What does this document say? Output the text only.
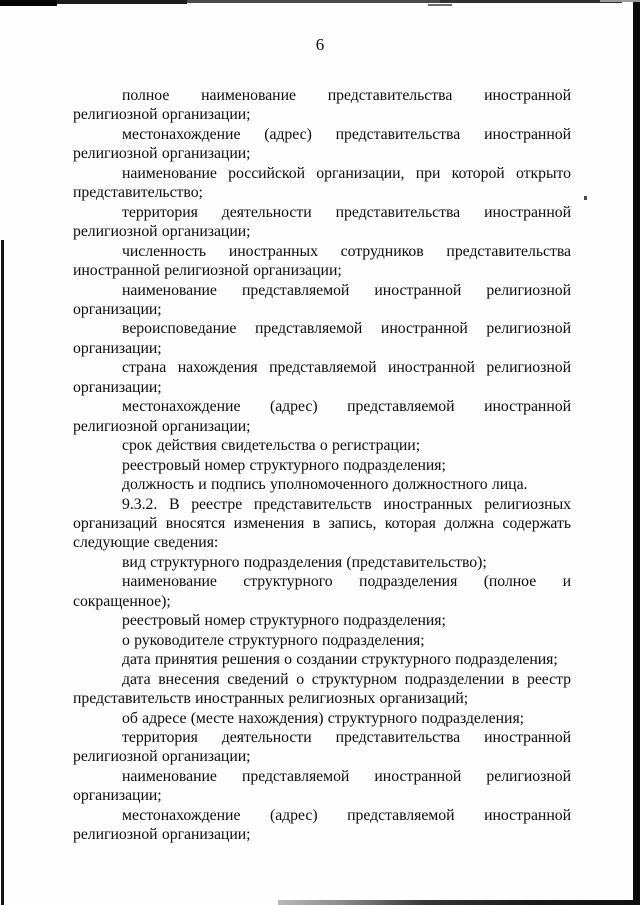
6

полное наименование представительства иностранной религиозной организации;

местонахождение (адрес) представительства иностранной религиозной организации;

наименование российской организации, при которой открыто представительство;

территория деятельности представительства иностранной религиозной организации;

численность иностранных сотрудников представительства иностранной религиозной организации;

наименование представляемой иностранной религиозной организации;

вероисповедание представляемой иностранной религиозной организации;

страна нахождения представляемой иностранной религиозной организации;

местонахождение (адрес) представляемой иностранной религиозной организации;

срок действия свидетельства о регистрации;

реестровый номер структурного подразделения;

должность и подпись уполномоченного должностного лица.

9.3.2. В реестре представительств иностранных религиозных организаций вносятся изменения в запись, которая должна содержать следующие сведения:

вид структурного подразделения (представительство);

наименование структурного подразделения (полное и сокращенное);

реестровый номер структурного подразделения;

о руководителе структурного подразделения;

дата принятия решения о создании структурного подразделения;

дата внесения сведений о структурном подразделении в реестр представительств иностранных религиозных организаций;

об адресе (месте нахождения) структурного подразделения;

территория деятельности представительства иностранной религиозной организации;

наименование представляемой иностранной религиозной организации;

местонахождение (адрес) представляемой иностранной религиозной организации;
